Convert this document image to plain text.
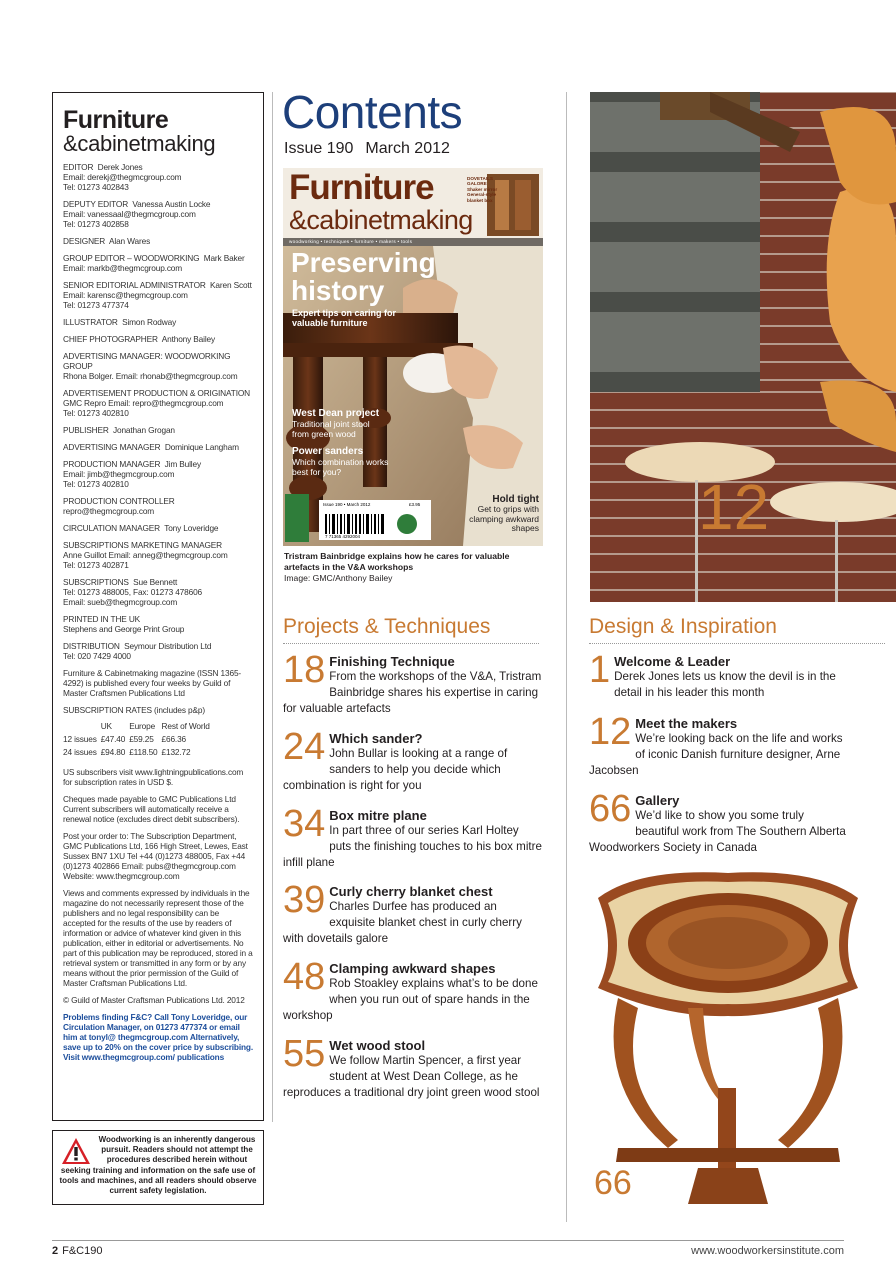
Furniture
&cabinetmaking
EDITOR Derek Jones
Email: derekj@thegmcgroup.com
Tel: 01273 402843
DEPUTY EDITOR Vanessa Austin Locke
Email: vanessaal@thegmcgroup.com
Tel: 01273 402858
DESIGNER Alan Wares
GROUP EDITOR – WOODWORKING Mark Baker
Email: markb@thegmcgroup.com
SENIOR EDITORIAL ADMINISTRATOR Karen Scott
Email: karensc@thegmcgroup.com
Tel: 01273 477374
ILLUSTRATOR Simon Rodway
CHIEF PHOTOGRAPHER Anthony Bailey
ADVERTISING MANAGER: WOODWORKING GROUP
Rhona Bolger. Email: rhonab@thegmcgroup.com
ADVERTISEMENT PRODUCTION & ORIGINATION
GMC Repro Email: repro@thegmcgroup.com
Tel: 01273 402810
PUBLISHER Jonathan Grogan
ADVERTISING MANAGER Dominique Langham
PRODUCTION MANAGER Jim Bulley
Email: jimb@thegmcgroup.com
Tel: 01273 402810
PRODUCTION CONTROLLER
repro@thegmcgroup.com
CIRCULATION MANAGER Tony Loveridge
SUBSCRIPTIONS MARKETING MANAGER
Anne Guillot Email: anneg@thegmcgroup.com
Tel: 01273 402871
SUBSCRIPTIONS Sue Bennett
Tel: 01273 488005, Fax: 01273 478606
Email: sueb@thegmcgroup.com
PRINTED IN THE UK
Stephens and George Print Group
DISTRIBUTION Seymour Distribution Ltd
Tel: 020 7429 4000
Furniture & Cabinetmaking magazine (ISSN 1365-4292) is published every four weeks by Guild of Master Craftsmen Publications Ltd
SUBSCRIPTION RATES (includes p&p)
	UK	Europe	Rest of World
12 issues	£47.40	£59.25	£66.36
24 issues	£94.80	£118.50	£132.72
US subscribers visit www.lightningpublications.com for subscription rates in USD $.
Cheques made payable to GMC Publications Ltd Current subscribers will automatically receive a renewal notice (excludes direct debit subscribers).
Post your order to: The Subscription Department, GMC Publications Ltd, 166 High Street, Lewes, East Sussex BN7 1XU Tel +44 (0)1273 488005, Fax +44 (0)1273 402866 Email: pubs@thegmcgroup.com Website: www.thegmcgroup.com
Views and comments expressed by individuals in the magazine do not necessarily represent those of the publishers and no legal responsibility can be accepted for the results of the use by readers of information or advice of whatever kind given in this publication, either in editorial or advertisements. No part of this publication may be reproduced, stored in a retrieval system or transmitted in any form or by any means without the prior permission of the Guild of Master Craftsman Publications Ltd.
© Guild of Master Craftsman Publications Ltd. 2012
Problems finding F&C? Call Tony Loveridge, our Circulation Manager, on 01273 477374 or email him at tonyl@ thegmcgroup.com Alternatively, save up to 20% on the cover price by subscribing. Visit www.thegmcgroup.com/ publications
Woodworking is an inherently dangerous pursuit. Readers should not attempt the procedures described herein without seeking training and information on the safe use of tools and machines, and all readers should observe current safety legislation.
Contents
Issue 190 March 2012
Furniture
&cabinetmaking
DOVETAILS GALORE Shaker mirror General-style blanket box
woodworking • techniques • furniture • makers • tools
Preserving
history
Expert tips on caring for valuable furniture
West Dean project
Traditional joint stool from green wood
Power sanders
Which combination works best for you?
Hold tight
Get to grips with clamping awkward shapes
Issue 190 • March 2012	£3.95
7 71365 4292004
Tristram Bainbridge explains how he cares for valuable artefacts in the V&A workshops
Image: GMC/Anthony Bailey
Projects & Techniques
18 Finishing Technique
From the workshops of the V&A, Tristram Bainbridge shares his expertise in caring for valuable artefacts
24 Which sander?
John Bullar is looking at a range of sanders to help you decide which combination is right for you
34 Box mitre plane
In part three of our series Karl Holtey puts the finishing touches to his box mitre infill plane
39 Curly cherry blanket chest
Charles Durfee has produced an exquisite blanket chest in curly cherry with dovetails galore
48 Clamping awkward shapes
Rob Stoakley explains what’s to be done when you run out of spare hands in the workshop
55 Wet wood stool
We follow Martin Spencer, a first year student at West Dean College, as he reproduces a traditional dry joint green wood stool
12
Design & Inspiration
1 Welcome & Leader
Derek Jones lets us know the devil is in the detail in his leader this month
12 Meet the makers
We’re looking back on the life and works of iconic Danish furniture designer, Arne Jacobsen
66 Gallery
We’d like to show you some truly beautiful work from The Southern Alberta Woodworkers Society in Canada
66
2 F&C190	www.woodworkersinstitute.com
